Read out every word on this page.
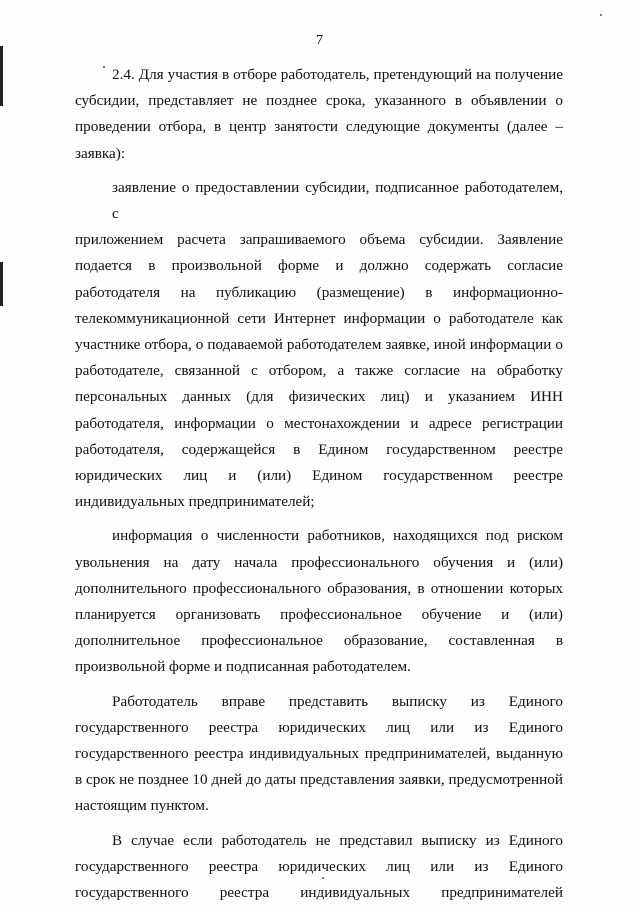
7
2.4. Для участия в отборе работодатель, претендующий на получение
субсидии, представляет не позднее срока, указанного в объявлении о
проведении отбора, в центр занятости следующие документы (далее –
заявка):
заявление о предоставлении субсидии, подписанное работодателем, с
приложением расчета запрашиваемого объема субсидии. Заявление
подается в произвольной форме и должно содержать согласие
работодателя на публикацию (размещение) в информационно-
телекоммуникационной сети Интернет информации о работодателе как
участнике отбора, о подаваемой работодателем заявке, иной информации о
работодателе, связанной с отбором, а также согласие на обработку
персональных данных (для физических лиц) и указанием ИНН
работодателя, информации о местонахождении и адресе регистрации
работодателя, содержащейся в Едином государственном реестре
юридических лиц и (или) Едином государственном реестре
индивидуальных предпринимателей;
информация о численности работников, находящихся под риском
увольнения на дату начала профессионального обучения и (или)
дополнительного профессионального образования, в отношении которых
планируется организовать профессиональное обучение и (или)
дополнительное профессиональное образование, составленная в
произвольной форме и подписанная работодателем.
Работодатель вправе представить выписку из Единого
государственного реестра юридических лиц или из Единого
государственного реестра индивидуальных предпринимателей, выданную
в срок не позднее 10 дней до даты представления заявки, предусмотренной
настоящим пунктом.
В случае если работодатель не представил выписку из Единого
государственного реестра юридических лиц или из Единого
государственного реестра индивидуальных предпринимателей
